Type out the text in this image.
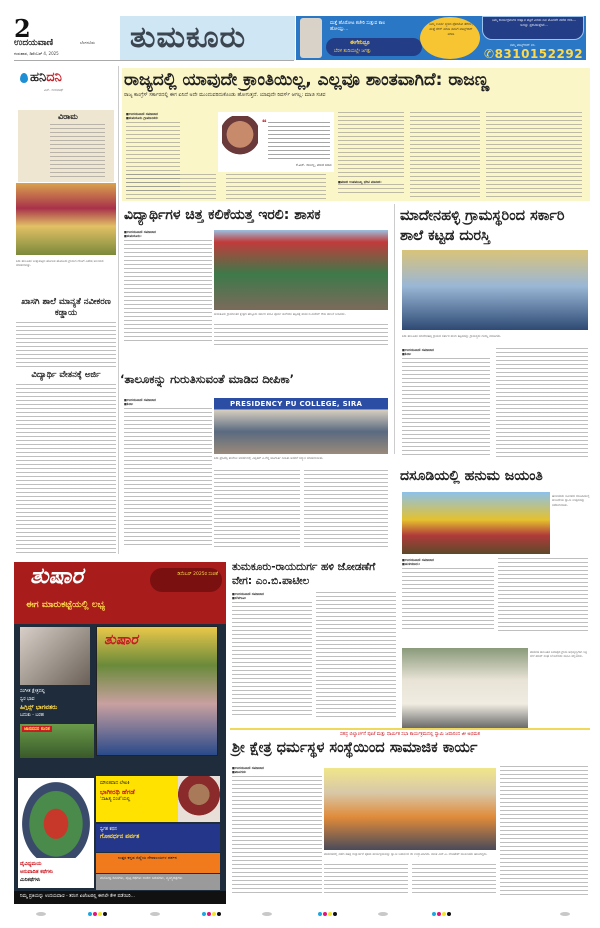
2
ಉದಯವಾಣಿ	ಬೆಂಗಳೂರು
ಗುರುವಾರ, ಡಿಸೆಂಬರ್ 4, 2025 ತುಮಕೂರು	ಮತ್ತೆ ಹೊರೋಟ ಕಚೇರಿ ಸುತ್ತುವ ಕಾಲ ಹೋಯ್ತು...
ಈಗೇನಿದ್ರೂ
ಬೆರಳ ತುದಿಯಲ್ಲೇ ಜಗತ್ತು
ನಿಮ್ಮ ಊರ್ನ ಸ್ಥಳದ ಫೋಟೋ ತೆಗೆದು, ಮತ್ತೆ ಶೇರ್ ಮಾಡಿ ನಮಗೆ ವಾಟ್ಸ್ಆಪ್ ಮಾಡಿ
ನಿಮ್ಮ ಕಾರ್ಯಕ್ರಮಗಳ ಆಹ್ವಾನ ಪತ್ರಿಕೆ ಎರಡು ದಿನ ಮೊದಲೇ ಪಡೆದ ಕಳಿಸಿ... ಅದನ್ನು ಪ್ರಕಟಿಸುತ್ತೇವೆ...
ನಮ್ಮ ವಾಟ್ಸ್ಆಪ್ ನಂ.
✆8310152292
ಹನಿದನಿ
ಎನ್. ರಂಗನಾಥ್
ವಿರಾಮ
ಶಿರಾ ತಾಲೂಕಿನ ಬುಕ್ಕಾಪಟ್ಟಣ ಹೋಬಳಿ ಹೊಸೂರು ಗ್ರಾಮದ ದೇವಿಗೆ ವಿಶೇಷ ಅಲಂಕಾರ ಮಾಡಲಾಗಿತ್ತು.
ಖಾಸಗಿ ಶಾಲೆ ಮಾನ್ಯತೆ ನವೀಕರಣ ಕಡ್ಡಾಯ
ವಿದ್ಯಾರ್ಥಿ ವೇತನಕ್ಕೆ ಅರ್ಜಿ
ರಾಜ್ಯದಲ್ಲಿ ಯಾವುದೇ ಕ್ರಾಂತಿಯಿಲ್ಲ, ಎಲ್ಲವೂ ಶಾಂತವಾಗಿದೆ: ರಾಜಣ್ಣ
ರಾಜ್ಯ ಕಾಂಗ್ರೆಸ್ ಸರ್ಕಾರದಲ್ಲಿ ಈಗ ಏನಿದೆ ಅದೇ ಮುಂದುವರಿದುಕೊಂಡು ಹೋಗುತ್ತದೆ. ಯಾವುದೇ ರಿವರ್ಸ್ ಆಗಲ್ಲ: ಮಾಜಿ ಸಚಿವ
■ ಉದಯವಾಣಿ ಸಮಾಚಾರ
■ ತುಮಕೂರು ಗ್ರಾಮಾಂತರ:	❝
ಕೆ.ಎನ್. ರಾಜಣ್ಣ, ಮಾಜಿ ಸಚಿವ
■ ಮಾಜಿ ಉಪಮುಖ್ಯ ಭೇಟಿ ಮಾಡಿದ:
ವಿದ್ಯಾರ್ಥಿಗಳ ಚಿತ್ತ ಕಲಿಕೆಯತ್ತ ಇರಲಿ: ಶಾಸಕ
■ ಉದಯವಾಣಿ ಸಮಾಚಾರ
■ ತುಮಕೂರು:
ತುಮಕೂರು ಗ್ರಾಮಾಂತರ ಕ್ಷೇತ್ರದ ಹೆಬ್ಬೂರು ಸರ್ಕಾರಿ ಪದವಿ ಪೂರ್ವ ಕಾಲೇಜಿನ ಕಟ್ಟಡಕ್ಕೆ ಶಾಸಕ ಬಿ.ಸುರೇಶ್ ಗೌಡ ಚಾಲನೆ ನೀಡಿದರು.
ಮಾದೇನಹಳ್ಳಿ ಗ್ರಾಮಸ್ಥರಿಂದ ಸರ್ಕಾರಿ ಶಾಲೆ ಕಟ್ಟಡ ದುರಸ್ತಿ
ಶಿರಾ ತಾಲೂಕಿನ ಮಾದೇನಹಳ್ಳಿ ಗ್ರಾಮದ ಸರ್ಕಾರಿ ಶಾಲಾ ಕಟ್ಟಡವನ್ನು ಗ್ರಾಮಸ್ಥರು ದುರಸ್ತಿ ಮಾಡಿದರು.
■ ಉದಯವಾಣಿ ಸಮಾಚಾರ
■ ಶಿರಾ:
‘ತಾಲೂಕನ್ನು ಗುರುತಿಸುವಂತೆ ಮಾಡಿದ ದೀಪಿಕಾ’
■ ಉದಯವಾಣಿ ಸಮಾಚಾರ
■ ಶಿರಾ:	PRESIDENCY PU COLLEGE, SIRA
ಶಿರಾ ಪ್ರೆಸಿಡೆನ್ಸಿ ಕಾಲೇಜು ಆವರಣದಲ್ಲಿ ವಿಶ್ವಕಪ್ ಎ.ಗೆದ್ದ ಆಟಗಾರ್ತಿ ದೀಪಿಕಾ ಅವರಿಗೆ ಸನ್ಮಾನ ಮಾಡಲಾಯಿತು.
ದಸೂಡಿಯಲ್ಲಿ ಹನುಮ ಜಯಂತಿ
ಹುಳಿಯಾರು ಸಮೀಪದ ದಸೂಡಿಯಲ್ಲಿ ಆಂಜನೇಯ ಸ್ವಾಮಿ ಉತ್ಸವವನ್ನು ನಡೆಸಲಾಯಿತು.
■ ಉದಯವಾಣಿ ಸಮಾಚಾರ
■ ಹುಳಿಯಾರು:
ಪಾವಗಡ ತಾಲೂಕಿನ ಶಿವಾಪುರ ಗ್ರಾಮ ಅಭಿವೃದ್ಧಿಗಾಗಿ ಲಕ್ಷ ಬೆಲೆ ಕಿಸಾನ್ ಸಂಘ ಬೆಂಬಲಿಗರು ಮನವಿ ಸಲ್ಲಿಸಿದರು.
ತುಷಾರ	ಡಿಸೆಂಬರ್ 2025ರ ಸಂಚಿಕೆ
ಈಗ ಮಾರುಕಟ್ಟೆಯಲ್ಲಿ ಲಭ್ಯ
ಸಂಗೀತ ಕ್ಷೇತ್ರದಲ್ಲಿ
ಸ್ವರ ಭಾವ
ಹಿಗ್ಗಿನ್ಸ್ ಭಾಗವತರು
ಬದುಕು - ಬರಹ
ತುಷಾರ
ಜಾನಪದರ ಕುಣಿತ
ವೈವಿಧ್ಯಮಯ
ಅನುವಾದಿತ ಕಥೆಗಳು
ಮಿನಿಕಥೆಗಳು
ಮೌಲಿಕವಾದ ಲೇಖಕಿ
ಭಾಗೀರಥಿ ಹೆಗಡೆ
‘ಸಾಹಿತ್ಯ ಸಂಜೆ’ಯಲ್ಲಿ
ಸ್ವಗತ ಕಥನ
ಗೋವರ್ಧನ ಪರ್ವತ
ಉತ್ತರ ಕನ್ನಡ ಜಿಲ್ಲೆಯ ದೇವಾಲಯಗಳ ದರ್ಶನ
ಮನೋಜ್ಞ ಕವನಗಳು, ಪುಟ್ಟ ಕಥೆಗಳು ಅಂಕಣ ಬರಹಗಳು, ವ್ಯಂಗ್ಯಚಿತ್ರಗಳು
ನಿಮ್ಮ ಪ್ರತಿಯನ್ನು ಉದಯವಾಣಿ - ತರಂಗ ಏಜೆಂಟರಲ್ಲಿ ಈಗಲೇ ಕೇಳಿ ಪಡೆಯಿರಿ...
ತುಮಕೂರು-ರಾಯದುರ್ಗ ಹಳಿ ಜೋಡಣೆಗೆ ವೇಗ: ಎಂ.ಬಿ.ಪಾಟೀಲ
■ ಉದಯವಾಣಿ ಸಮಾಚಾರ
■ ಬೆಳಗಾವಿ:
ಸಹಸ್ರ ಬಿಲ್ವಾರ್ಚನೆ ಪೂಜೆ ಮತ್ತು ಧಾರ್ಮಿಕ ಸಭಾ ಕಾರ್ಯಕ್ರಮದಲ್ಲಿ ಸ್ವಾಮಿ ಜಪಾನಂದ ಜೀ ಅಭಿಮತ
ಶ್ರೀ ಕ್ಷೇತ್ರ ಧರ್ಮಸ್ಥಳ ಸಂಸ್ಥೆಯಿಂದ ಸಾಮಾಜಿಕ ಕಾರ್ಯ
■ ಉದಯವಾಣಿ ಸಮಾಚಾರ
■ ಪಾವಗಡ:
ಪಾವಗಡದಲ್ಲಿ ನಡೆದ ಸಹಸ್ರ ಬಿಲ್ವಾರ್ಚನೆ ಪೂಜಾ ಕಾರ್ಯಕ್ರಮವನ್ನು ಸ್ವಾಮಿ ಜಪಾನಂದ ಜೀ ಉದ್ಘಾಟಿಸಿದರು. ಶಾಸಕ ಎಚ್.ವಿ. ವೆಂಕಟೇಶ್ ಮುಖಂಡರು ಹಾಜರಿದ್ದರು.
